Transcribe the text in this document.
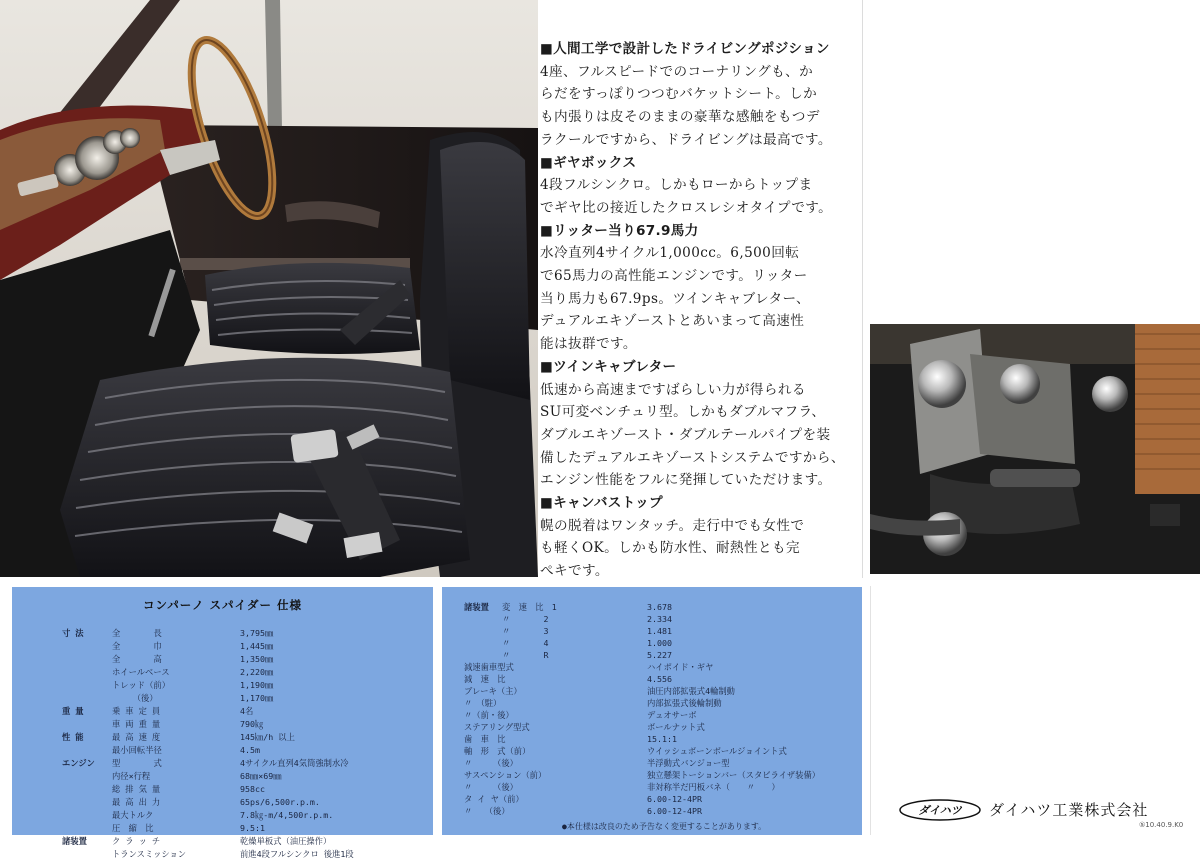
■人間工学で設計したドライビングポジション

4座、フルスピードでのコーナリングも、か

らだをすっぽりつつむバケットシート。しか

も内張りは皮そのままの豪華な感触をもつデ

ラクールですから、ドライビングは最高です。

■ギヤボックス

4段フルシンクロ。しかもローからトップま

でギヤ比の接近したクロスレシオタイプです。

■リッター当り67.9馬力

水冷直列4サイクル1,000cc。6,500回転

で65馬力の高性能エンジンです。リッター

当り馬力も67.9ps。ツインキャブレター、

デュアルエキゾーストとあいまって高速性

能は抜群です。

■ツインキャブレター

低速から高速まですばらしい力が得られる

SU可変ベンチュリ型。しかもダブルマフラ、

ダブルエキゾースト・ダブルテールパイプを装

備したデュアルエキゾーストシステムですから、

エンジン性能をフルに発揮していただけます。

■キャンバストップ

幌の脱着はワンタッチ。走行中でも女性で

も軽くOK。しかも防水性、耐熱性とも完

ぺキです。

コンパーノ スパイダー 仕様
寸 法	全　　　　長	3,795㎜
全　　　　巾	1,445㎜
全　　　　高	1,350㎜
ホイールベース	2,220㎜
トレッド（前）	1,190㎜
　　　（後）	1,170㎜
重 量	乗 車 定 員	4名
車 両 重 量	790㎏
性 能	最 高 速 度	145㎞/h 以上
最小回転半径	4.5m
エンジン 型　　　　式	4サイクル直列4気筒強制水冷
内径×行程	68㎜×69㎜
総 排 気 量	958cc
最 高 出 力	65ps/6,500r.p.m.
最大トルク	7.8㎏-m/4,500r.p.m.
圧　縮　比	9.5:1
諸装置	ク ラ ッ チ	乾燥単板式（油圧操作）
トランスミッション	前進4段フルシンクロ 後進1段
諸装置 変　速　比　1	3.678
〃　　　　2	2.334
〃　　　　3	1.481
〃　　　　4	1.000
〃　　　　R	5.227
減速歯車型式	ハイポイド・ギヤ
減　速　比	4.556
ブレーキ（主）	油圧内部拡張式4輪制動
〃　（駐）	内部拡張式後輪制動
〃（前・後）	デュオサーボ
ステアリング型式	ボールナット式
歯　車　比	15.1:1
軸　形　式（前）	ウイッシュボーンボールジョイント式
〃　　　（後）	半浮動式バンジョー型
サスペンション（前）	独立懸架トーションバー（スタビライザ装備）
〃　　　（後）	非対称半だ円板バネ（　　〃　　）
タ イ ヤ（前）	6.00-12-4PR
〃　　（後）	6.00-12-4PR
●本仕様は改良のため予告なく変更することがあります。
ダイハツ ダイハツ工業株式会社
⑤10.40.9.K0
